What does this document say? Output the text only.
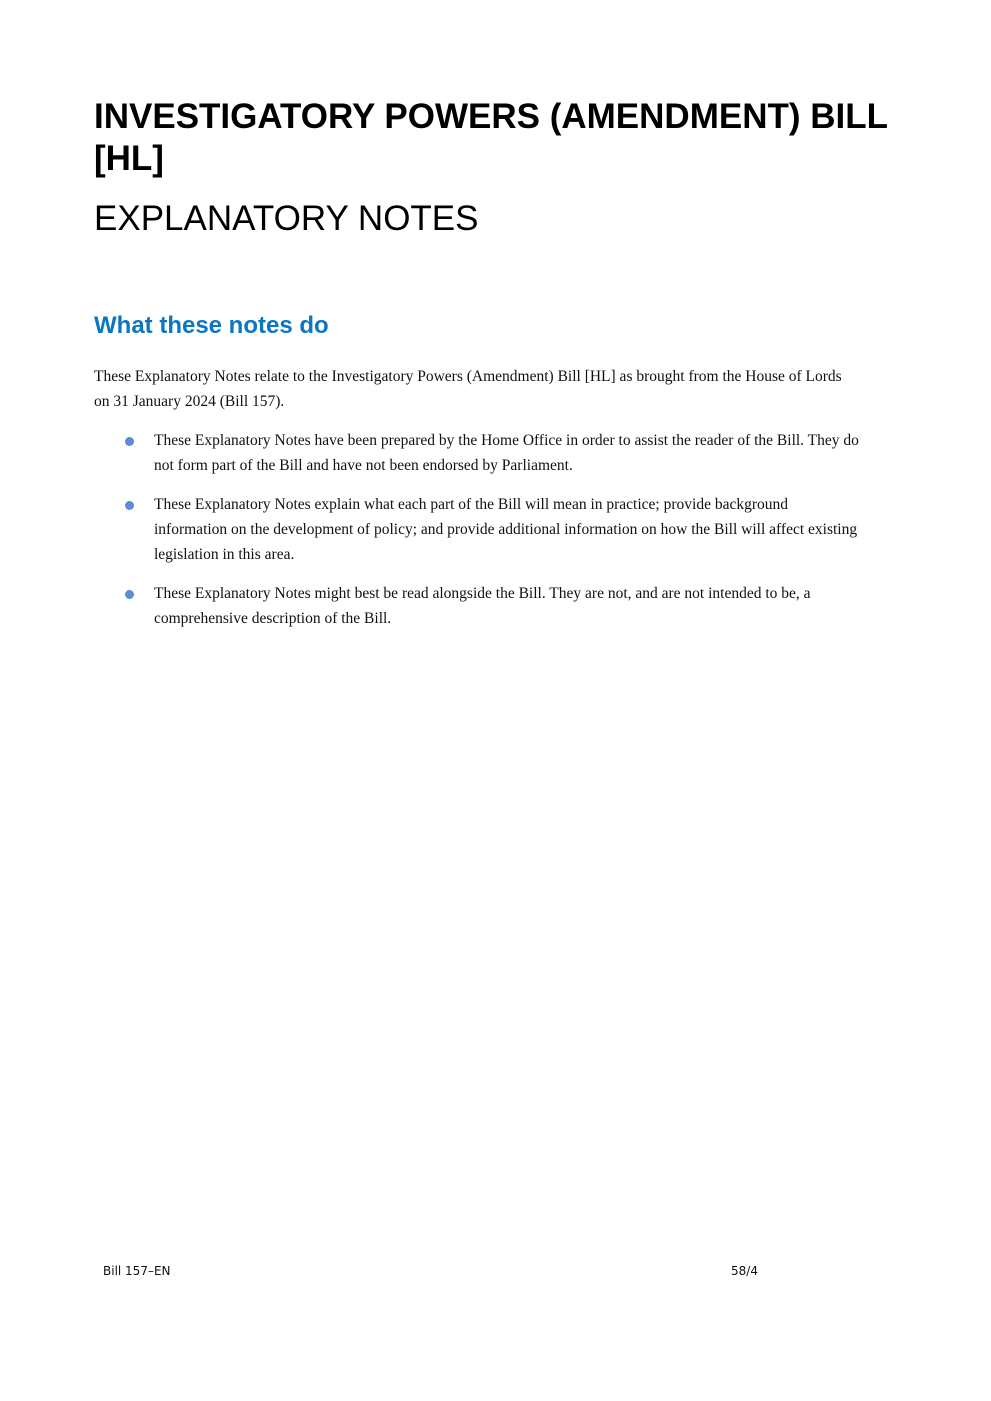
INVESTIGATORY POWERS (AMENDMENT) BILL [HL]
EXPLANATORY NOTES
What these notes do

These Explanatory Notes relate to the Investigatory Powers (Amendment) Bill [HL] as brought from the House of Lords on 31 January 2024 (Bill 157).

These Explanatory Notes have been prepared by the Home Office in order to assist the reader of the Bill. They do not form part of the Bill and have not been endorsed by Parliament.
These Explanatory Notes explain what each part of the Bill will mean in practice; provide background information on the development of policy; and provide additional information on how the Bill will affect existing legislation in this area.
These Explanatory Notes might best be read alongside the Bill. They are not, and are not intended to be, a comprehensive description of the Bill.
Bill 157–EN	58/4
